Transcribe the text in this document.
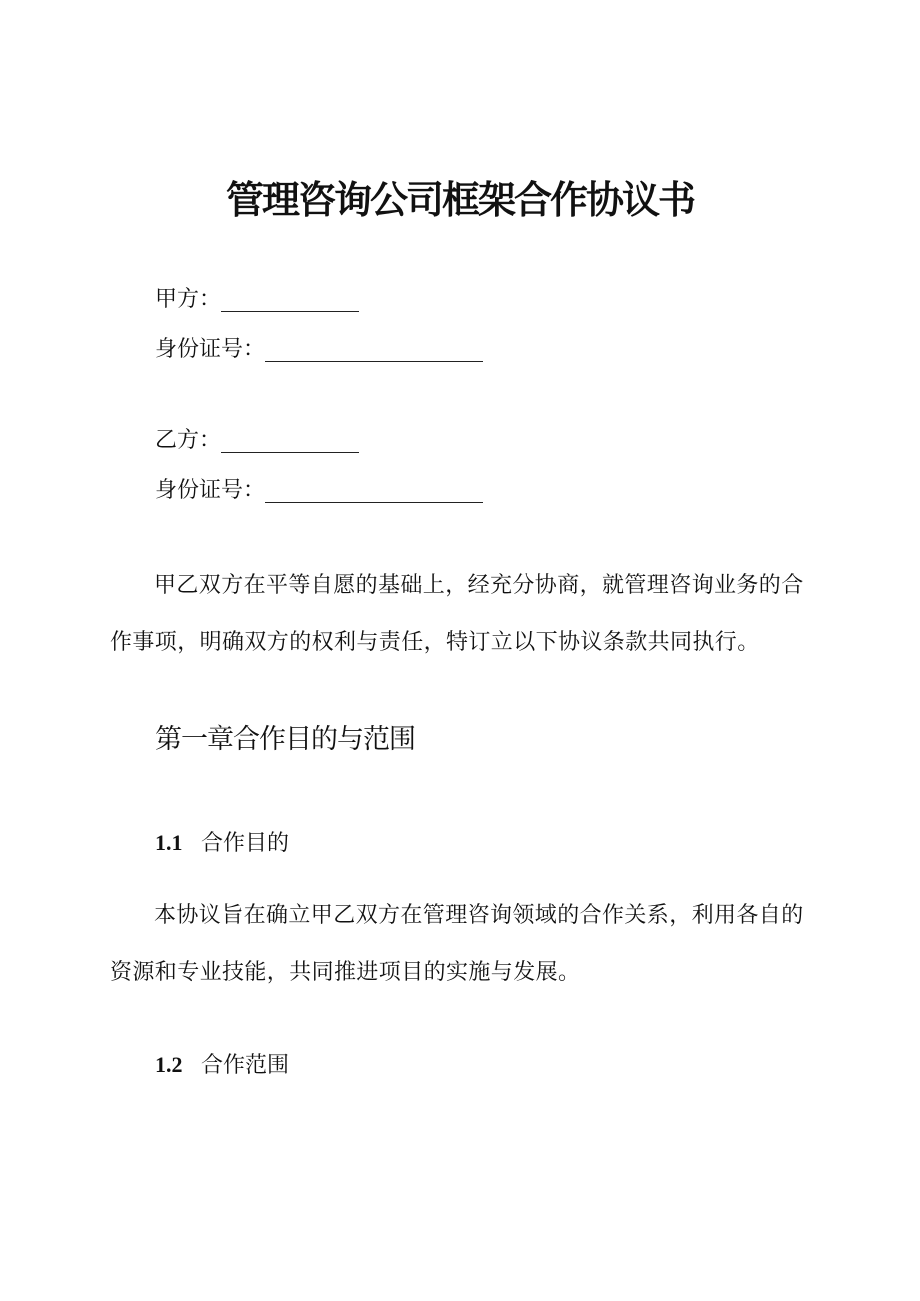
管理咨询公司框架合作协议书
甲方：
身份证号：
乙方：
身份证号：
甲乙双方在平等自愿的基础上，经充分协商，就管理咨询业务的合作事项，明确双方的权利与责任，特订立以下协议条款共同执行。
第一章合作目的与范围
1.1 合作目的
本协议旨在确立甲乙双方在管理咨询领域的合作关系，利用各自的资源和专业技能，共同推进项目的实施与发展。
1.2 合作范围
